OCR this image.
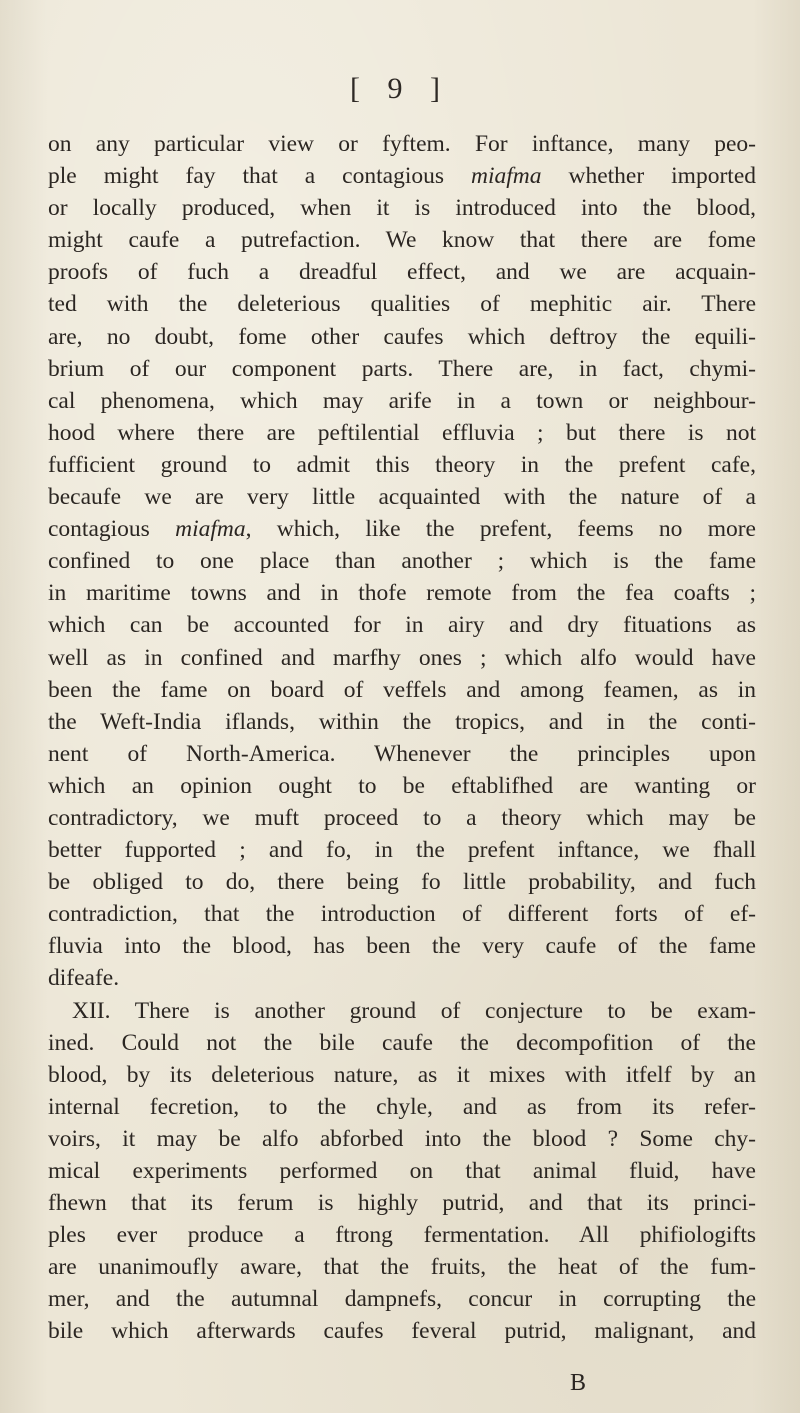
[ 9 ]
on any particular view or fyftem. For inftance, many peo-
ple might fay that a contagious miafma whether imported
or locally produced, when it is introduced into the blood,
might caufe a putrefaction. We know that there are fome
proofs of fuch a dreadful effect, and we are acquain-
ted with the deleterious qualities of mephitic air. There
are, no doubt, fome other caufes which deftroy the equili-
brium of our component parts. There are, in fact, chymi-
cal phenomena, which may arife in a town or neighbour-
hood where there are peftilential effluvia ; but there is not
fufficient ground to admit this theory in the prefent cafe,
becaufe we are very little acquainted with the nature of a
contagious miafma, which, like the prefent, feems no more
confined to one place than another ; which is the fame
in maritime towns and in thofe remote from the fea coafts ;
which can be accounted for in airy and dry fituations as
well as in confined and marfhy ones ; which alfo would have
been the fame on board of veffels and among feamen, as in
the Weft-India iflands, within the tropics, and in the conti-
nent of North-America. Whenever the principles upon
which an opinion ought to be eftablifhed are wanting or
contradictory, we muft proceed to a theory which may be
better fupported ; and fo, in the prefent inftance, we fhall
be obliged to do, there being fo little probability, and fuch
contradiction, that the introduction of different forts of ef-
fluvia into the blood, has been the very caufe of the fame
difeafe.
XII. There is another ground of conjecture to be exam-
ined. Could not the bile caufe the decompofition of the
blood, by its deleterious nature, as it mixes with itfelf by an
internal fecretion, to the chyle, and as from its refer-
voirs, it may be alfo abforbed into the blood ? Some chy-
mical experiments performed on that animal fluid, have
fhewn that its ferum is highly putrid, and that its princi-
ples ever produce a ftrong fermentation. All phifiologifts
are unanimoufly aware, that the fruits, the heat of the fum-
mer, and the autumnal dampnefs, concur in corrupting the
bile which afterwards caufes feveral putrid, malignant, and
B
